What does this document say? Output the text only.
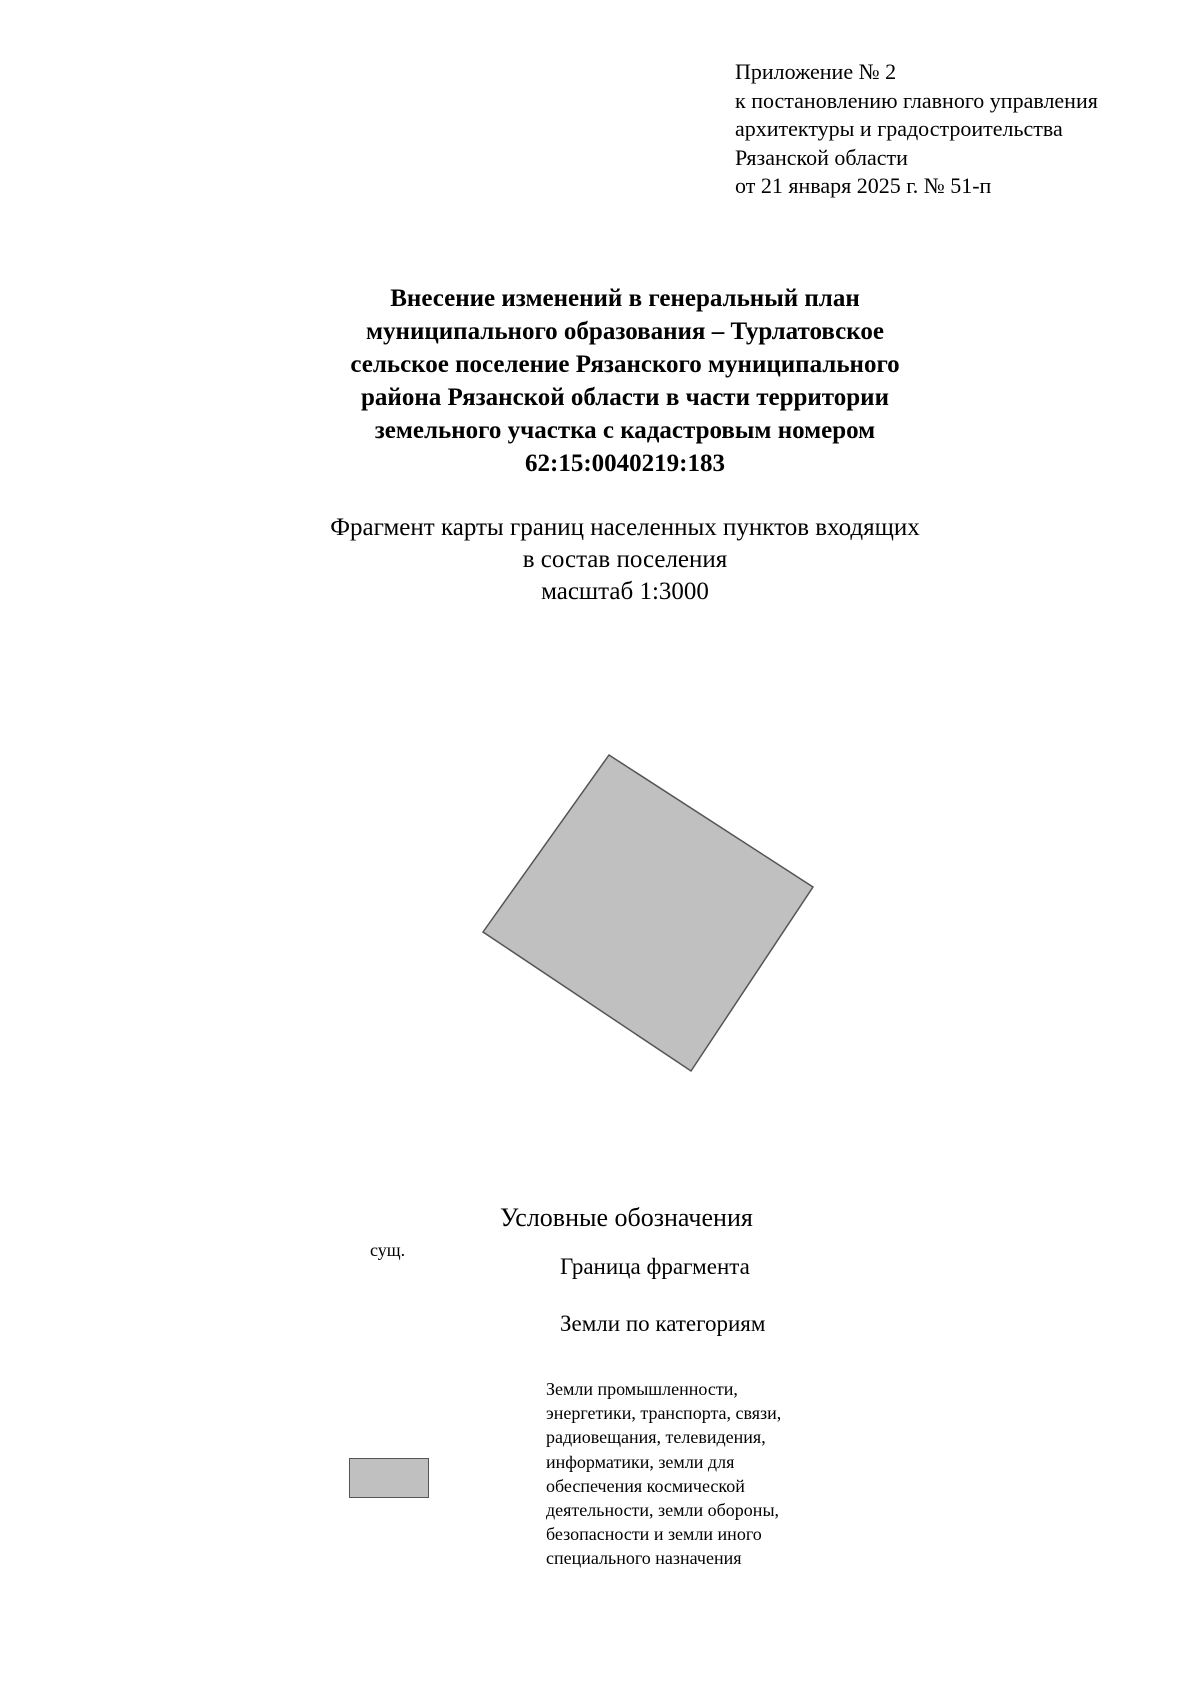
Приложение № 2
к постановлению главного управления
архитектуры и градостроительства
Рязанской области
от 21 января 2025 г. № 51-п
Внесение изменений в генеральный план
муниципального образования – Турлатовское
сельское поселение Рязанского муниципального
района Рязанской области в части территории
земельного участка с кадастровым номером
62:15:0040219:183
Фрагмент карты границ населенных пунктов входящих
в состав поселения
масштаб 1:3000
Условные обозначения
сущ.
Граница фрагмента
Земли по категориям
Земли промышленности,
энергетики, транспорта, связи,
радиовещания, телевидения,
информатики, земли для
обеспечения космической
деятельности, земли обороны,
безопасности и земли иного
специального назначения
